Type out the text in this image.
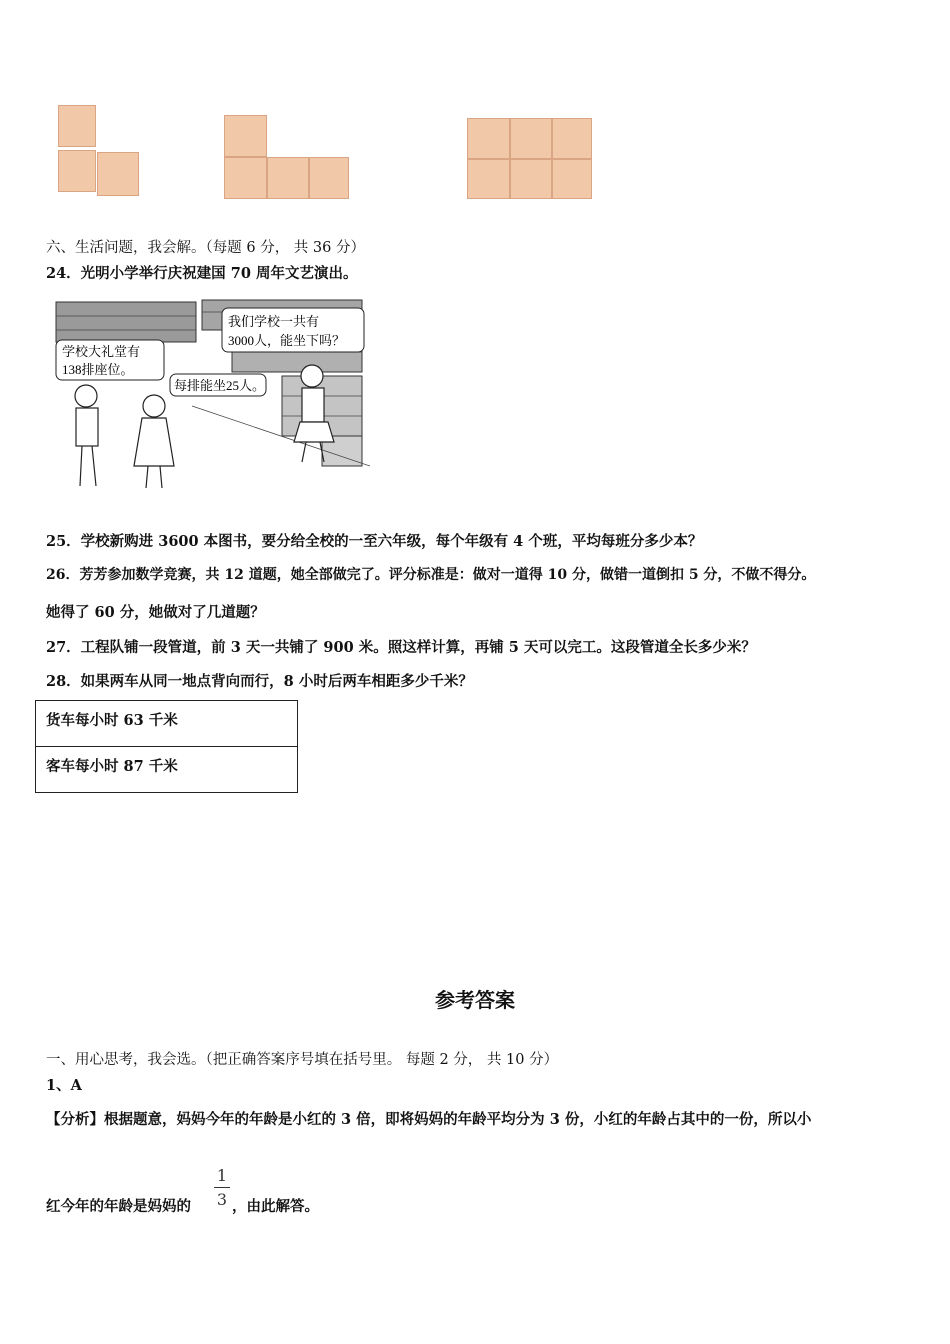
六、生活问题，我会解。（每题 6 分， 共 36 分）
24．光明小学举行庆祝建国 70 周年文艺演出。
学校大礼堂有
138排座位。
每排能坐25人。
我们学校一共有
3000人，能坐下吗？
25．学校新购进 3600 本图书，要分给全校的一至六年级，每个年级有 4 个班，平均每班分多少本？
26．芳芳参加数学竞赛，共 12 道题，她全部做完了。评分标准是：做对一道得 10 分，做错一道倒扣 5 分，不做不得分。
她得了 60 分，她做对了几道题？
27．工程队铺一段管道，前 3 天一共铺了 900 米。照这样计算，再铺 5 天可以完工。这段管道全长多少米？
28．如果两车从同一地点背向而行，8 小时后两车相距多少千米？
货车每小时 63 千米
客车每小时 87 千米
参考答案
一、用心思考，我会选。（把正确答案序号填在括号里。 每题 2 分， 共 10 分）
1、A
【分析】根据题意，妈妈今年的年龄是小红的 3 倍，即将妈妈的年龄平均分为 3 份，小红的年龄占其中的一份，所以小
红今年的年龄是妈妈的
1
3 ，由此解答。
